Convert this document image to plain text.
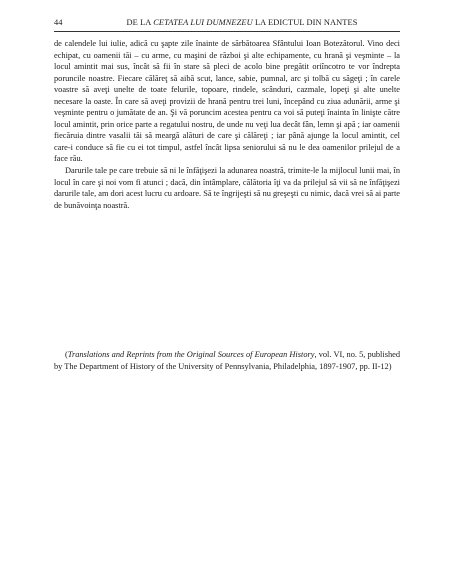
44	DE LA CETATEA LUI DUMNEZEU LA EDICTUL DIN NANTES

de calendele lui iulie, adică cu şapte zile înainte de sărbătoarea Sfântului Ioan Botezătorul. Vino deci echipat, cu oamenii tăi – cu arme, cu maşini de război şi alte echipamente, cu hrană şi veşminte – la locul amintit mai sus, încât să fii în stare să pleci de acolo bine pregătit oriîncotro te vor îndrepta poruncile noastre. Fiecare călăreţ să aibă scut, lance, sabie, pumnal, arc şi tolbă cu săgeţi ; în carele voastre să aveţi unelte de toate felurile, topoare, rindele, scânduri, cazmale, lopeţi şi alte unelte necesare la oaste. În care să aveţi provizii de hrană pentru trei luni, începând cu ziua adunării, arme şi veşminte pentru o jumătate de an. Şi vă poruncim acestea pentru ca voi să puteţi înainta în linişte către locul amintit, prin orice parte a regatului nostru, de unde nu veţi lua decât fân, lemn şi apă ; iar oamenii fiecăruia dintre vasalii tăi să meargă alături de care şi călăreţi ; iar până ajunge la locul amintit, cel care-i conduce să fie cu ei tot timpul, astfel încât lipsa seniorului să nu le dea oamenilor prilejul de a face rău.

Darurile tale pe care trebuie să ni le înfăţişezi la adunarea noastră, trimite-le la mijlocul lunii mai, în locul în care şi noi vom fi atunci ; dacă, din întâmplare, călătoria îţi va da prilejul să vii să ne înfăţişezi darurile tale, am dori acest lucru cu ardoare. Să te îngrijeşti să nu greşeşti cu nimic, dacă vrei să ai parte de bunăvoinţa noastră.

(Translations and Reprints from the Original Sources of European History, vol. VI, no. 5, published by The Department of History of the University of Pennsylvania, Philadelphia, 1897-1907, pp. II-12)
